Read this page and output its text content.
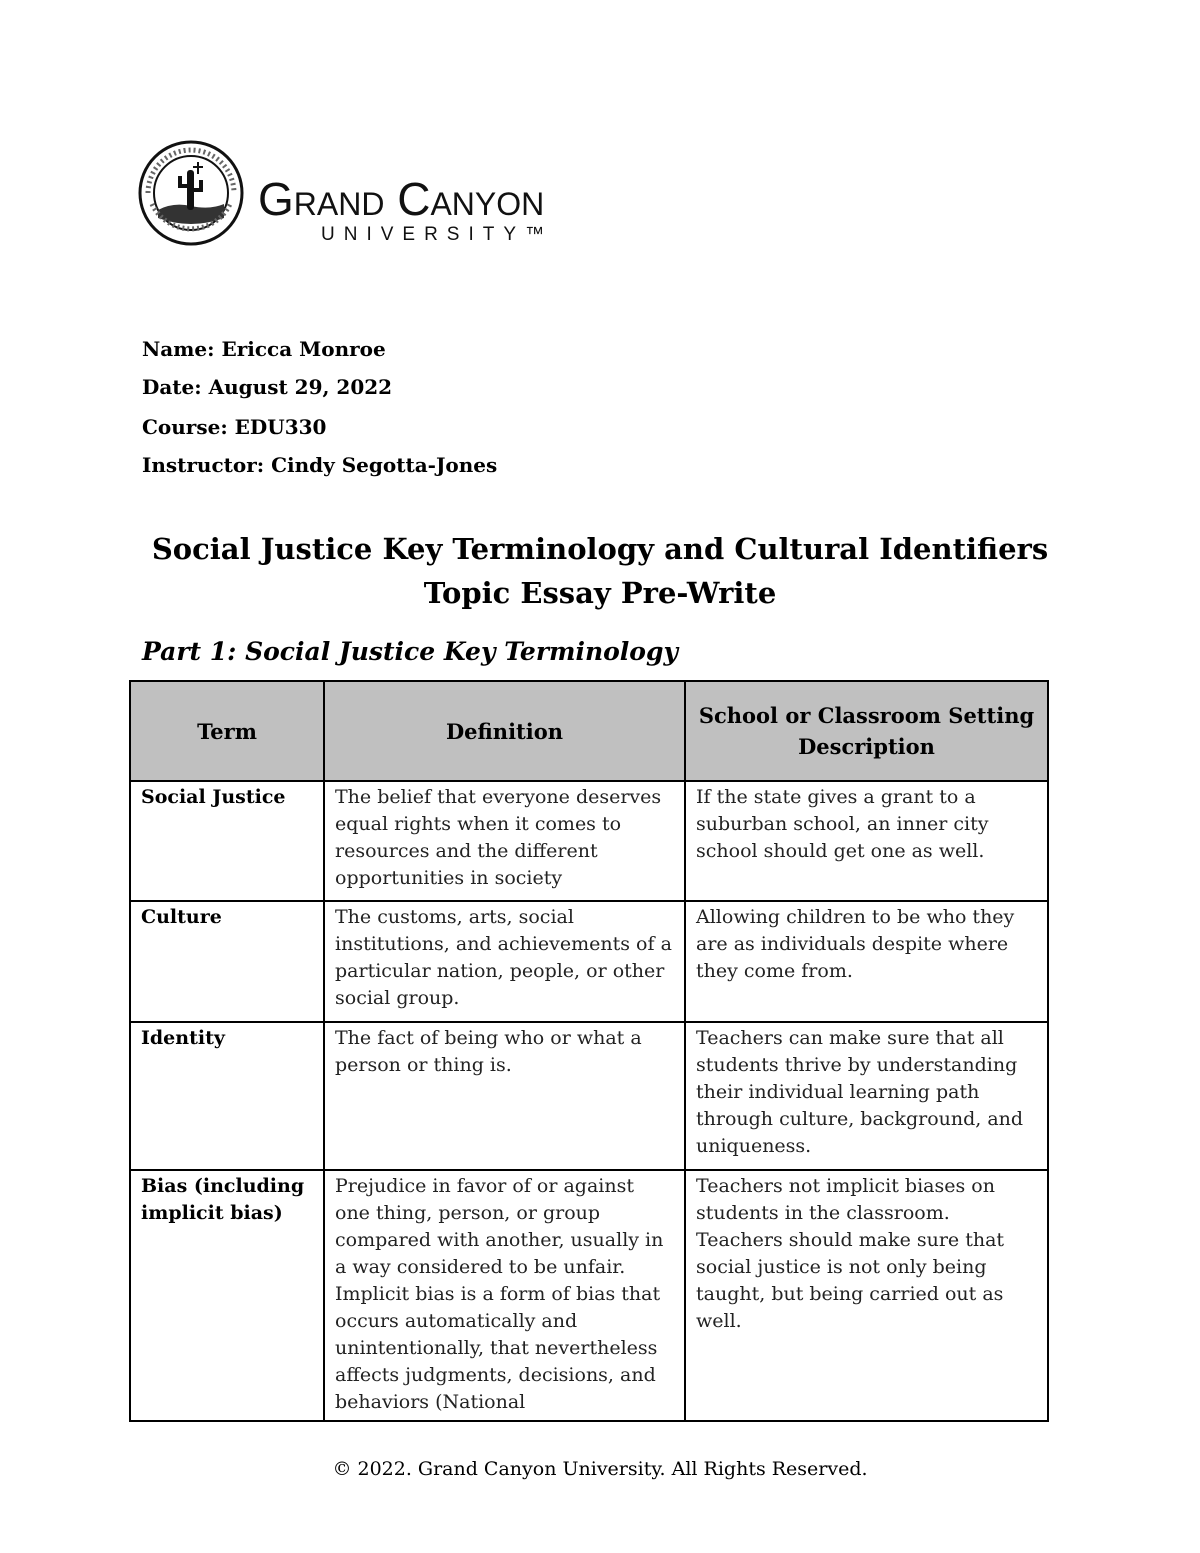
Grand Canyon
UNIVERSITY™
Name: Ericca Monroe
Date: August 29, 2022
Course: EDU330
Instructor: Cindy Segotta-Jones
Social Justice Key Terminology and Cultural Identifiers
Topic Essay Pre-Write
Part 1: Social Justice Key Terminology
Term	Definition	School or Classroom Setting Description
Social Justice	The belief that everyone deserves equal rights when it comes to resources and the different opportunities in society	If the state gives a grant to a suburban school, an inner city school should get one as well.
Culture	The customs, arts, social institutions, and achievements of a particular nation, people, or other social group.	Allowing children to be who they are as individuals despite where they come from.
Identity	The fact of being who or what a person or thing is.	Teachers can make sure that all students thrive by understanding their individual learning path through culture, background, and uniqueness.
Bias (including implicit bias)	Prejudice in favor of or against one thing, person, or group compared with another, usually in a way considered to be unfair. Implicit bias is a form of bias that occurs automatically and unintentionally, that nevertheless affects judgments, decisions, and behaviors (National	Teachers not implicit biases on students in the classroom. Teachers should make sure that social justice is not only being taught, but being carried out as well.
© 2022. Grand Canyon University. All Rights Reserved.
